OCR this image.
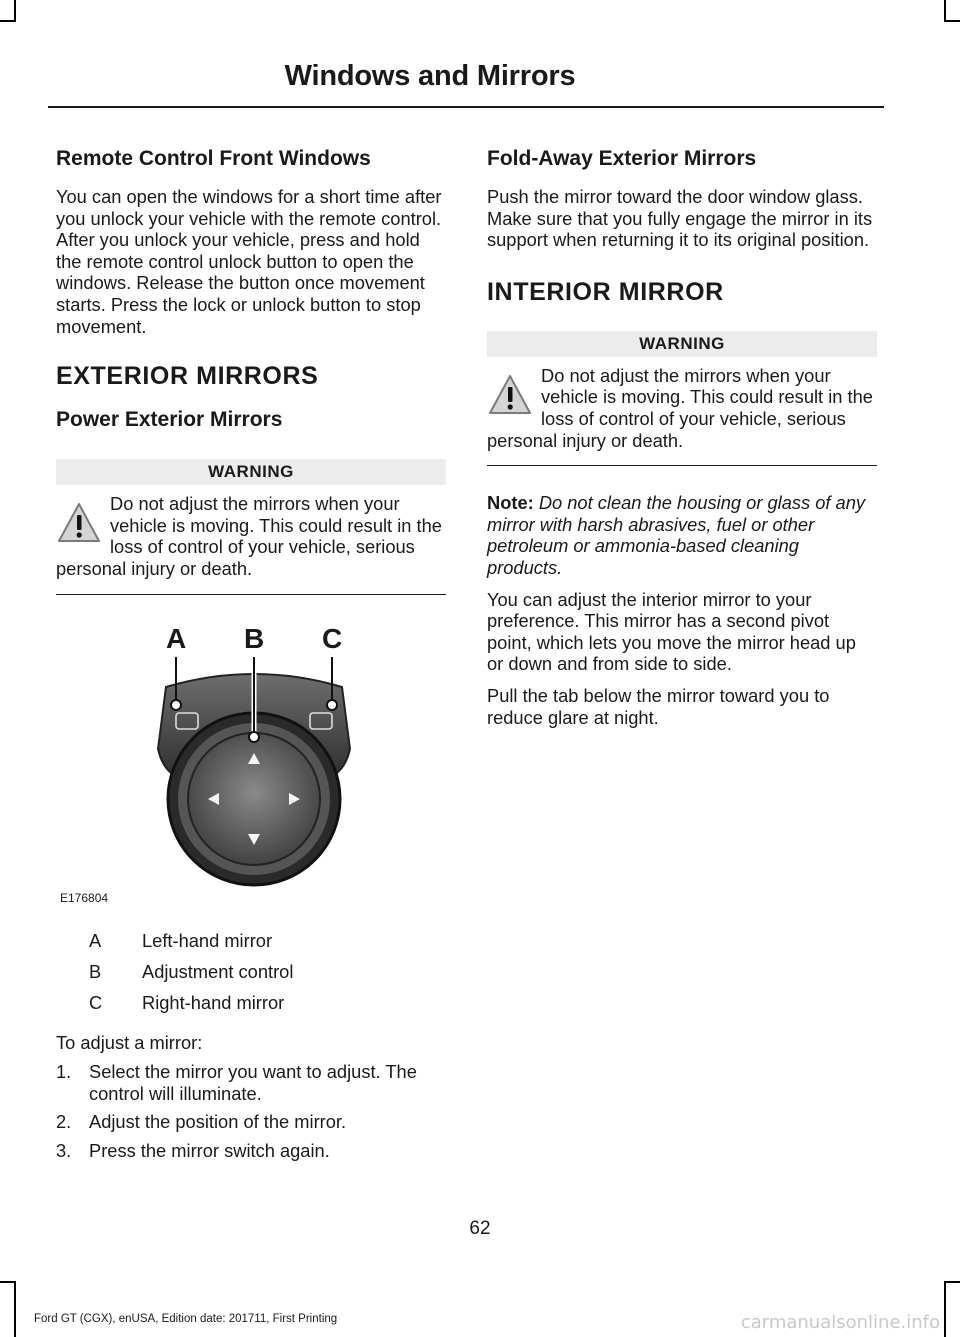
Windows and Mirrors
Remote Control Front Windows

You can open the windows for a short time after you unlock your vehicle with the remote control. After you unlock your vehicle, press and hold the remote control unlock button to open the windows. Release the button once movement starts. Press the lock or unlock button to stop movement.

EXTERIOR MIRRORS
Power Exterior Mirrors
WARNING
Do not adjust the mirrors when your vehicle is moving. This could result in the loss of control of your vehicle, serious personal injury or death.
A B C
E176804
A Left-hand mirror
B Adjustment control
C Right-hand mirror

To adjust a mirror:

1. Select the mirror you want to adjust. The control will illuminate.
2. Adjust the position of the mirror.
3. Press the mirror switch again.
Fold-Away Exterior Mirrors

Push the mirror toward the door window glass. Make sure that you fully engage the mirror in its support when returning it to its original position.

INTERIOR MIRROR
WARNING
Do not adjust the mirrors when your vehicle is moving. This could result in the loss of control of your vehicle, serious personal injury or death.

Note: Do not clean the housing or glass of any mirror with harsh abrasives, fuel or other petroleum or ammonia-based cleaning products.

You can adjust the interior mirror to your preference. This mirror has a second pivot point, which lets you move the mirror head up or down and from side to side.

Pull the tab below the mirror toward you to reduce glare at night.

62
Ford GT (CGX), enUSA, Edition date: 201711, First Printing	carmanualsonline.info
